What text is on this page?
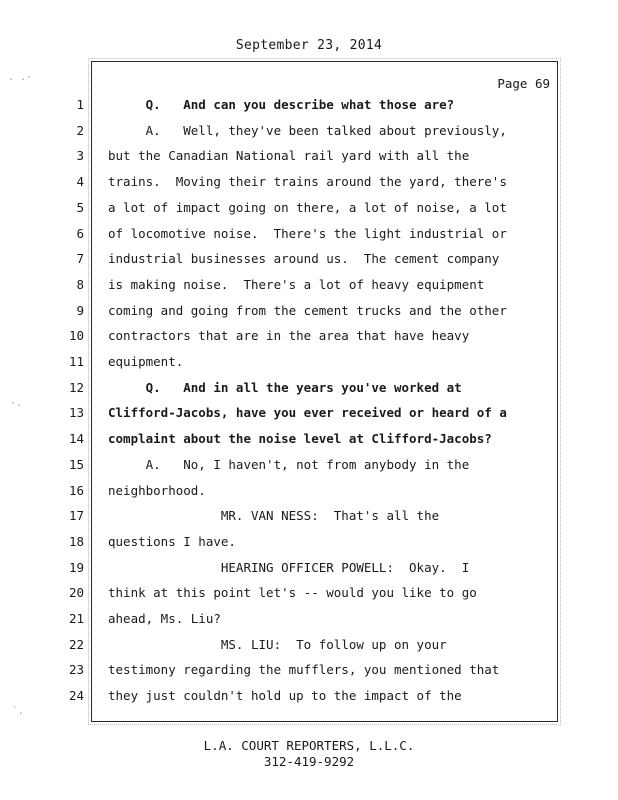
September 23, 2014
Page 69
1 Q.   And can you describe what those are?
2 A.   Well, they've been talked about previously,
3 but the Canadian National rail yard with all the
4 trains.  Moving their trains around the yard, there's
5 a lot of impact going on there, a lot of noise, a lot
6 of locomotive noise.  There's the light industrial or
7 industrial businesses around us.  The cement company
8 is making noise.  There's a lot of heavy equipment
9 coming and going from the cement trucks and the other
10 contractors that are in the area that have heavy
11 equipment.
12 Q.   And in all the years you've worked at
13 Clifford-Jacobs, have you ever received or heard of a
14 complaint about the noise level at Clifford-Jacobs?
15 A.   No, I haven't, not from anybody in the
16 neighborhood.
17 MR. VAN NESS:  That's all the
18 questions I have.
19 HEARING OFFICER POWELL:  Okay.  I
20 think at this point let's -- would you like to go
21 ahead, Ms. Liu?
22 MS. LIU:  To follow up on your
23 testimony regarding the mufflers, you mentioned that
24 they just couldn't hold up to the impact of the
L.A. COURT REPORTERS, L.L.C.
312-419-9292
. .·
·.
`.
